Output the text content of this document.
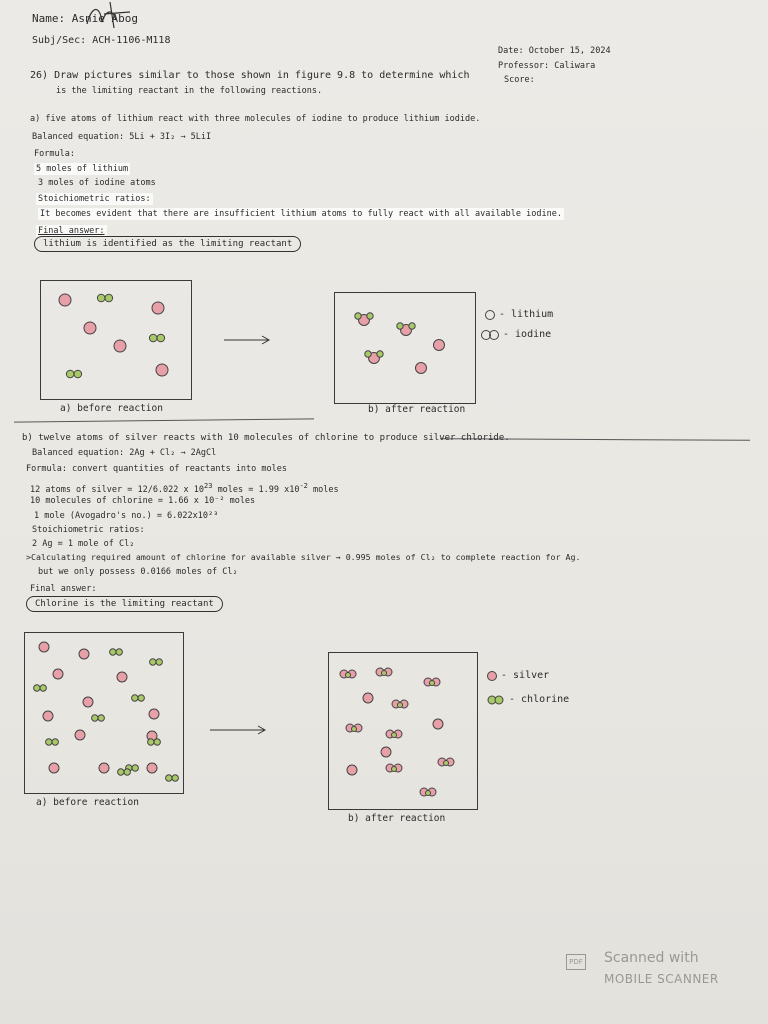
Name: Asnie Abog
Subj/Sec: ACH-1106-M118
Date: October 15, 2024
Professor: Caliwara
Score:
26) Draw pictures similar to those shown in figure 9.8 to determine which
is the limiting reactant in the following reactions.
a) five atoms of lithium react with three molecules of iodine to produce lithium iodide.
Balanced equation: 5Li + 3I₂ → 5LiI
Formula:
5 moles of lithium
3 moles of iodine atoms
Stoichiometric ratios:
It becomes evident that there are insufficient lithium atoms to fully react with all available iodine.
Final answer:
lithium is identified as the limiting reactant
a) before reaction	b) after reaction
- lithium
- iodine
b) twelve atoms of silver reacts with 10 molecules of chlorine to produce silver chloride.
Balanced equation: 2Ag + Cl₂ → 2AgCl
Formula: convert quantities of reactants into moles
12 atoms of silver = 12/6.022 x $10^{23}$ moles = 1.99 $x10^{-2}$ moles
10 molecules of chlorine = 1.66 x 10⁻² moles
1 mole (Avogadro's no.) = 6.022x10²³
Stoichiometric ratios:
2 Ag = 1 mole of Cl₂
>Calculating required amount of chlorine for available silver → 0.995 moles of Cl₂ to complete reaction for Ag.
but we only possess 0.0166 moles of Cl₂
Final answer:
Chlorine is the limiting reactant
a) before reaction
b) after reaction
- silver
- chlorine
PDF Scanned with
MOBILE SCANNER
